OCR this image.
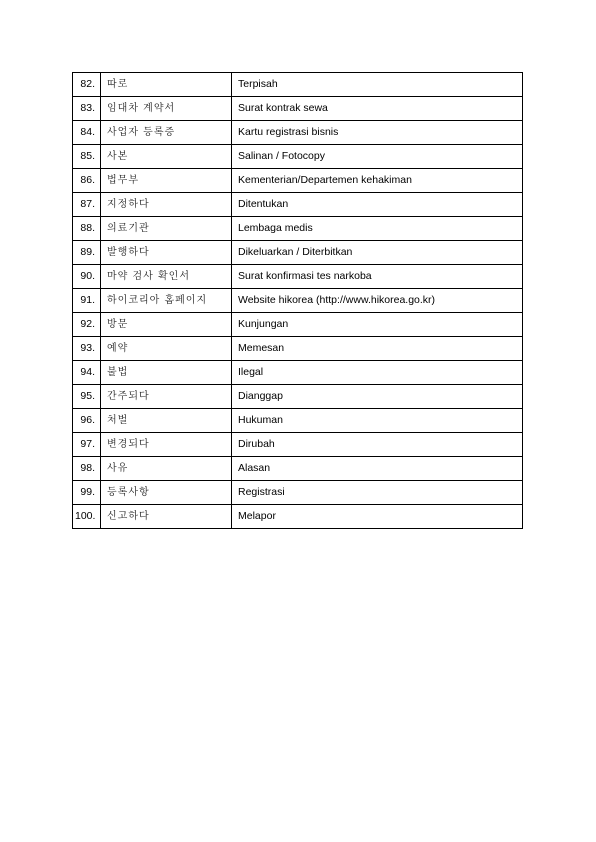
82.	따로	Terpisah
83.	임대차 계약서	Surat kontrak sewa
84.	사업자 등록증	Kartu registrasi bisnis
85.	사본	Salinan / Fotocopy
86.	법무부	Kementerian/Departemen kehakiman
87.	지정하다	Ditentukan
88.	의료기관	Lembaga medis
89.	발행하다	Dikeluarkan / Diterbitkan
90.	마약 검사 확인서	Surat konfirmasi tes narkoba
91.	하이코리아 홈페이지	Website hikorea (http://www.hikorea.go.kr)
92.	방문	Kunjungan
93.	예약	Memesan
94.	불법	Ilegal
95.	간주되다	Dianggap
96.	처벌	Hukuman
97.	변경되다	Dirubah
98.	사유	Alasan
99.	등록사항	Registrasi
100.	신고하다	Melapor
